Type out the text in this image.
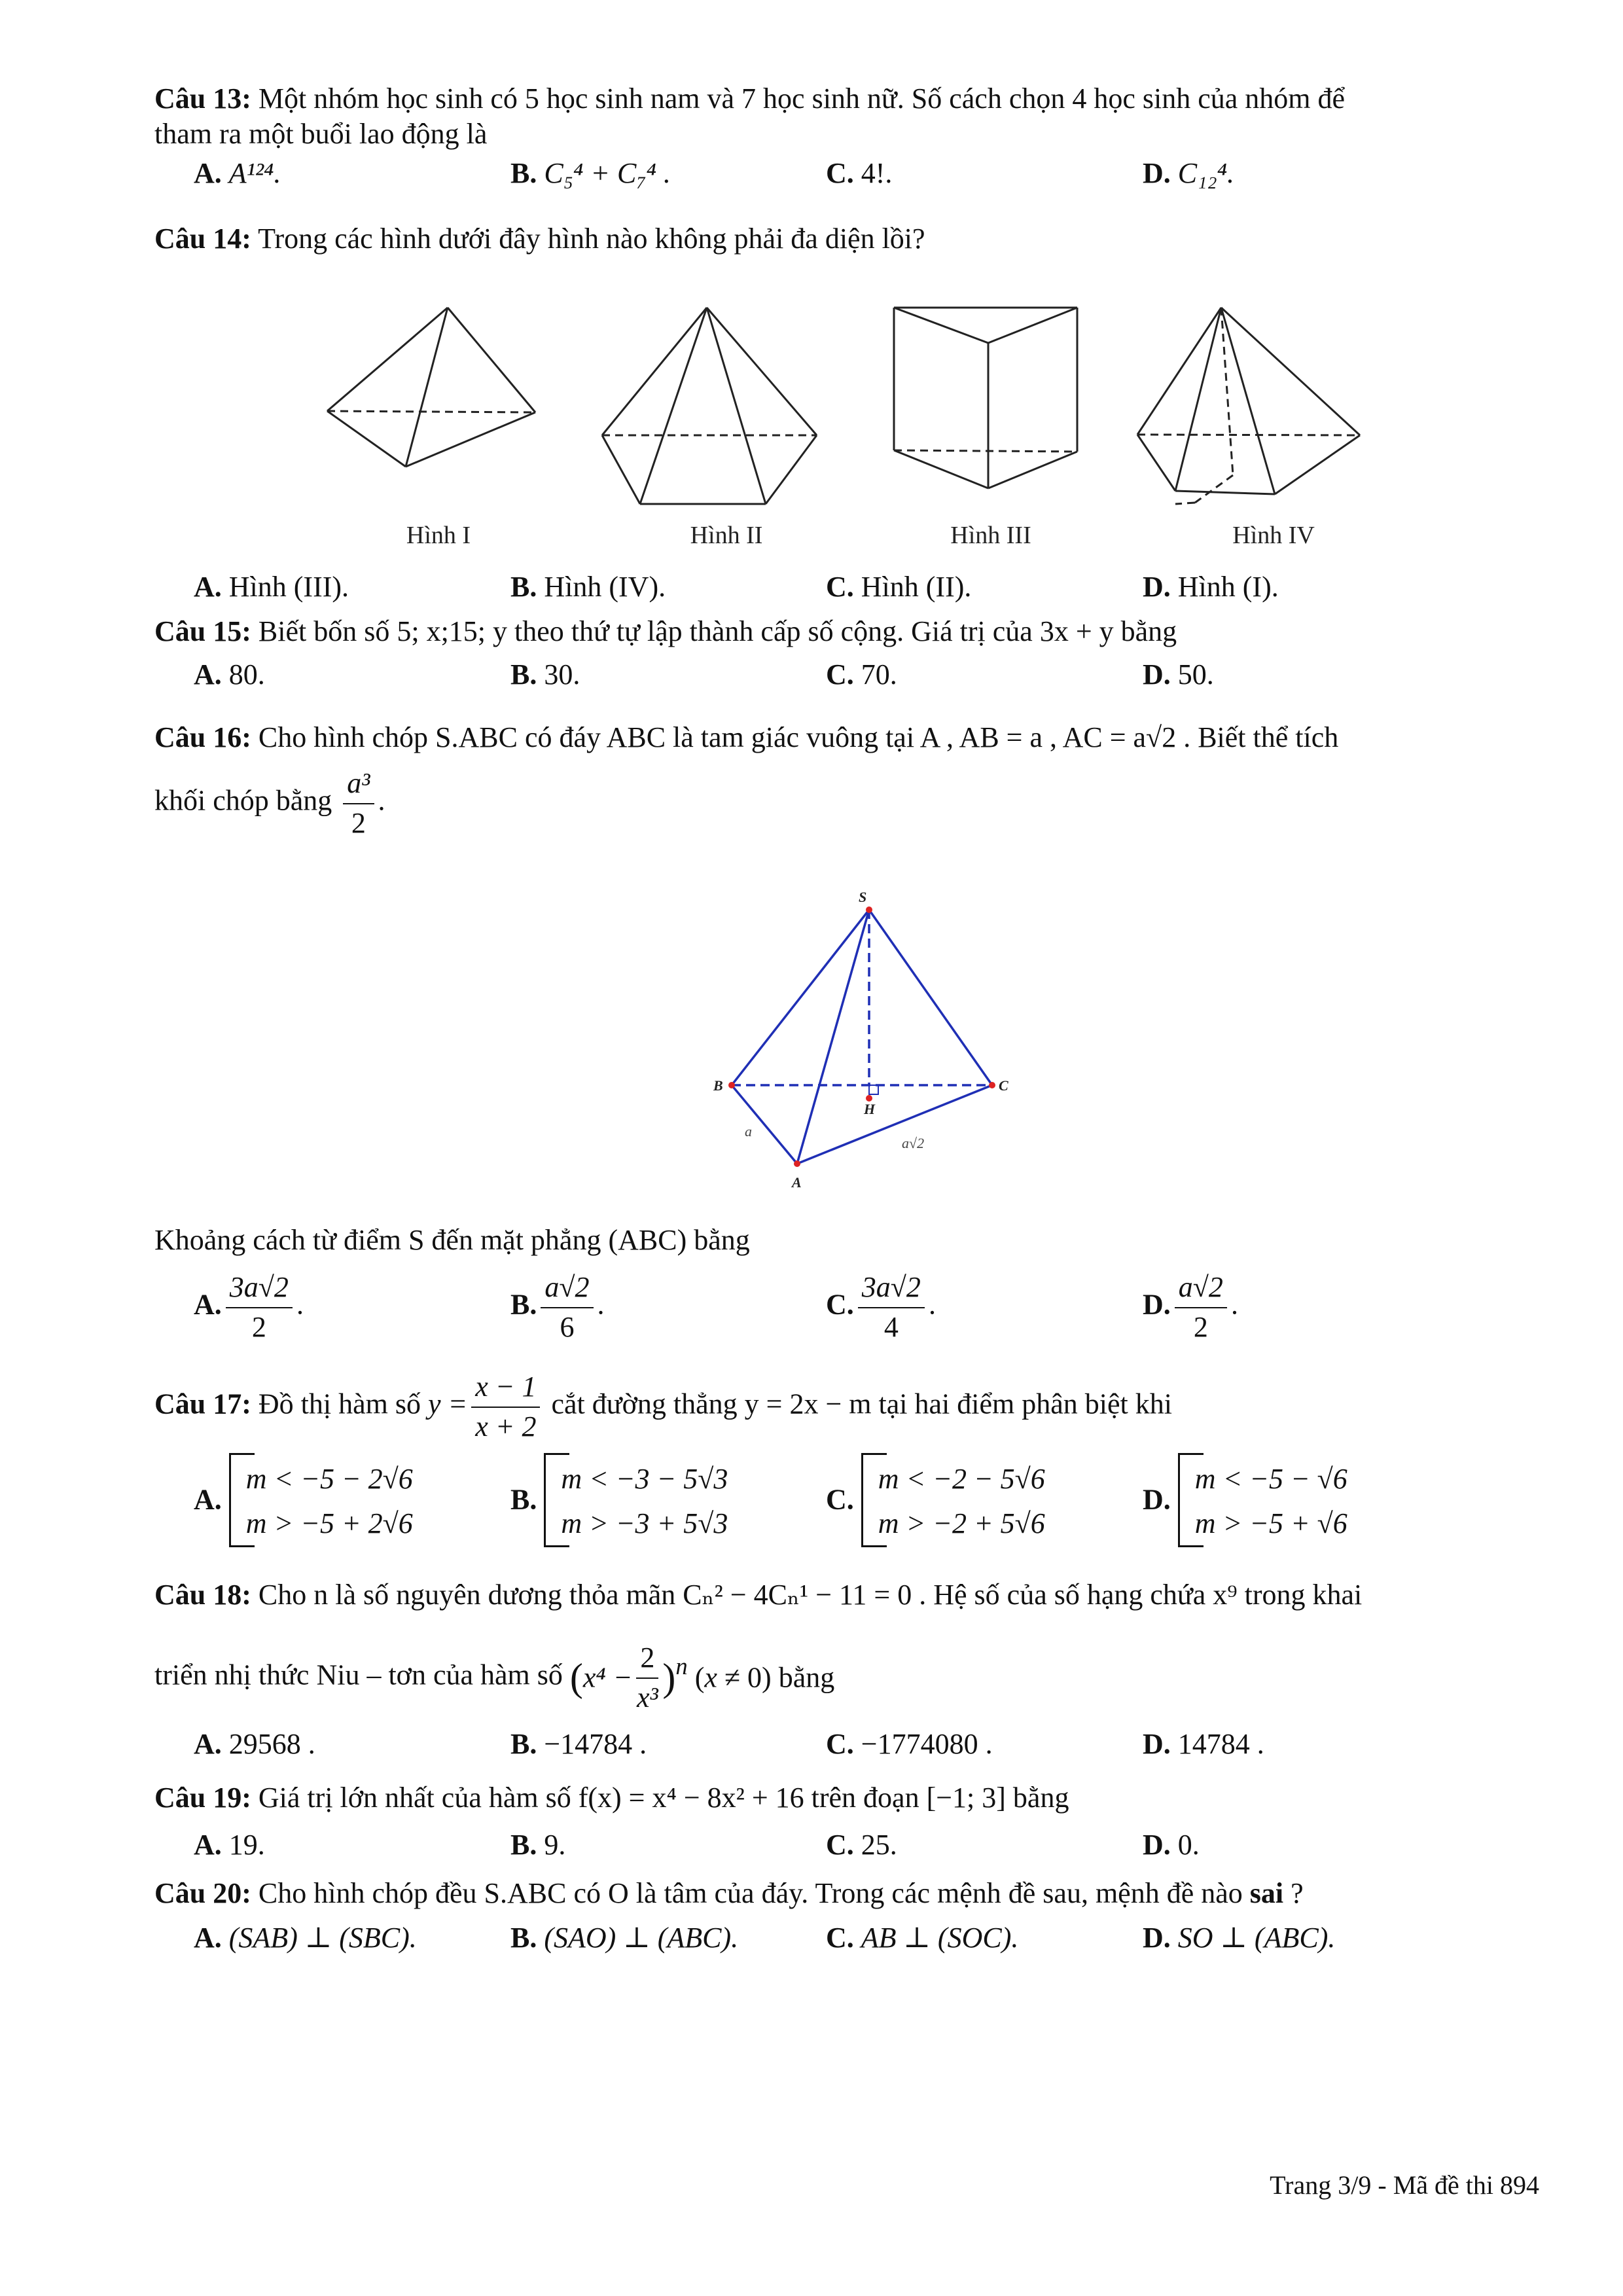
Câu 13: Một nhóm học sinh có 5 học sinh nam và 7 học sinh nữ. Số cách chọn 4 học sinh của nhóm để
tham ra một buổi lao động là
A. A¹²⁴.	B. C₅⁴ + C₇⁴ .	C. 4!.	D. C₁₂⁴.
Câu 14: Trong các hình dưới đây hình nào không phải đa diện lồi?
Hình I	Hình II	Hình III	Hình IV
A. Hình (III).	B. Hình (IV).	C. Hình (II).	D. Hình (I).
Câu 15: Biết bốn số 5; x;15; y theo thứ tự lập thành cấp số cộng. Giá trị của 3x + y bằng
A. 80.	B. 30.	C. 70.	D. 50.
Câu 16: Cho hình chóp S.ABC có đáy ABC là tam giác vuông tại A , AB = a , AC = a√2 . Biết thể tích
khối chóp bằng $\frac{\text{a³}}{2}$ .
S
B	C
H
A
a
a√2
Khoảng cách từ điểm S đến mặt phẳng (ABC) bằng
A. $\frac{3a√2}{2}$ .	B. $\frac{a√2}{6}$ .	C. $\frac{3a√2}{4}$ .	D. $\frac{a√2}{2}$ .
Câu 17: Đồ thị hàm số $y = \frac{x - 1}{x + 2}$ cắt đường thẳng y = 2x − m tại hai điểm phân biệt khi
A.
m < −5 − 2√6
m > −5 + 2√6
B.
m < −3 − 5√3
m > −3 + 5√3
C.
m < −2 − 5√6
m > −2 + 5√6
D.
m < −5 − √6
m > −5 + √6
Câu 18: Cho n là số nguyên dương thỏa mãn Cₙ² − 4Cₙ¹ − 11 = 0 . Hệ số của số hạng chứa x⁹ trong khai
triển nhị thức Niu – tơn của hàm số $(x^4 - \frac{2}{\text{x³}} )^n$ (x ≠ 0) bằng
A. 29568 .	B. −14784 .	C. −1774080 .	D. 14784 .
Câu 19: Giá trị lớn nhất của hàm số f(x) = x⁴ − 8x² + 16 trên đoạn [−1; 3] bằng
A. 19.	B. 9.	C. 25.	D. 0.
Câu 20: Cho hình chóp đều S.ABC có O là tâm của đáy. Trong các mệnh đề sau, mệnh đề nào sai ?
A. (SAB) ⊥ (SBC).	B. (SAO) ⊥ (ABC).	C. AB ⊥ (SOC).	D. SO ⊥ (ABC).
Trang 3/9 - Mã đề thi 894
